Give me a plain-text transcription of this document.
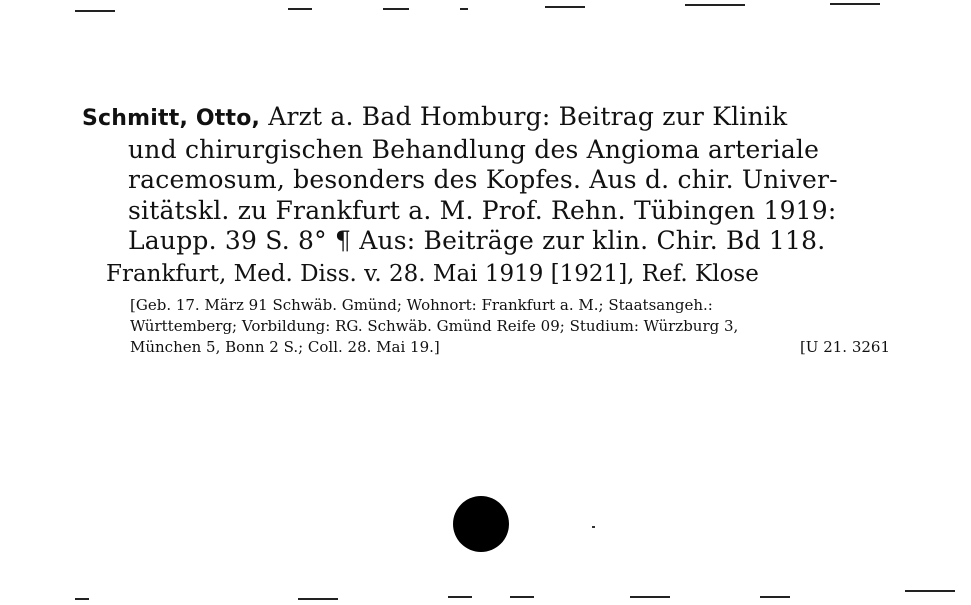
Schmitt, Otto, Arzt a. Bad Homburg: Beitrag zur Klinik
und chirurgischen Behandlung des Angioma arteriale
racemosum, besonders des Kopfes. Aus d. chir. Univer-
sitätskl. zu Frankfurt a. M. Prof. Rehn. Tübingen 1919:
Laupp. 39 S. 8° ¶ Aus: Beiträge zur klin. Chir. Bd 118.
Frankfurt, Med. Diss. v. 28. Mai 1919 [1921], Ref. Klose
[Geb. 17. März 91 Schwäb. Gmünd; Wohnort: Frankfurt a. M.; Staatsangeh.:
Württemberg; Vorbildung: RG. Schwäb. Gmünd Reife 09; Studium: Würzburg 3,
München 5, Bonn 2 S.; Coll. 28. Mai 19.]	[U 21. 3261
